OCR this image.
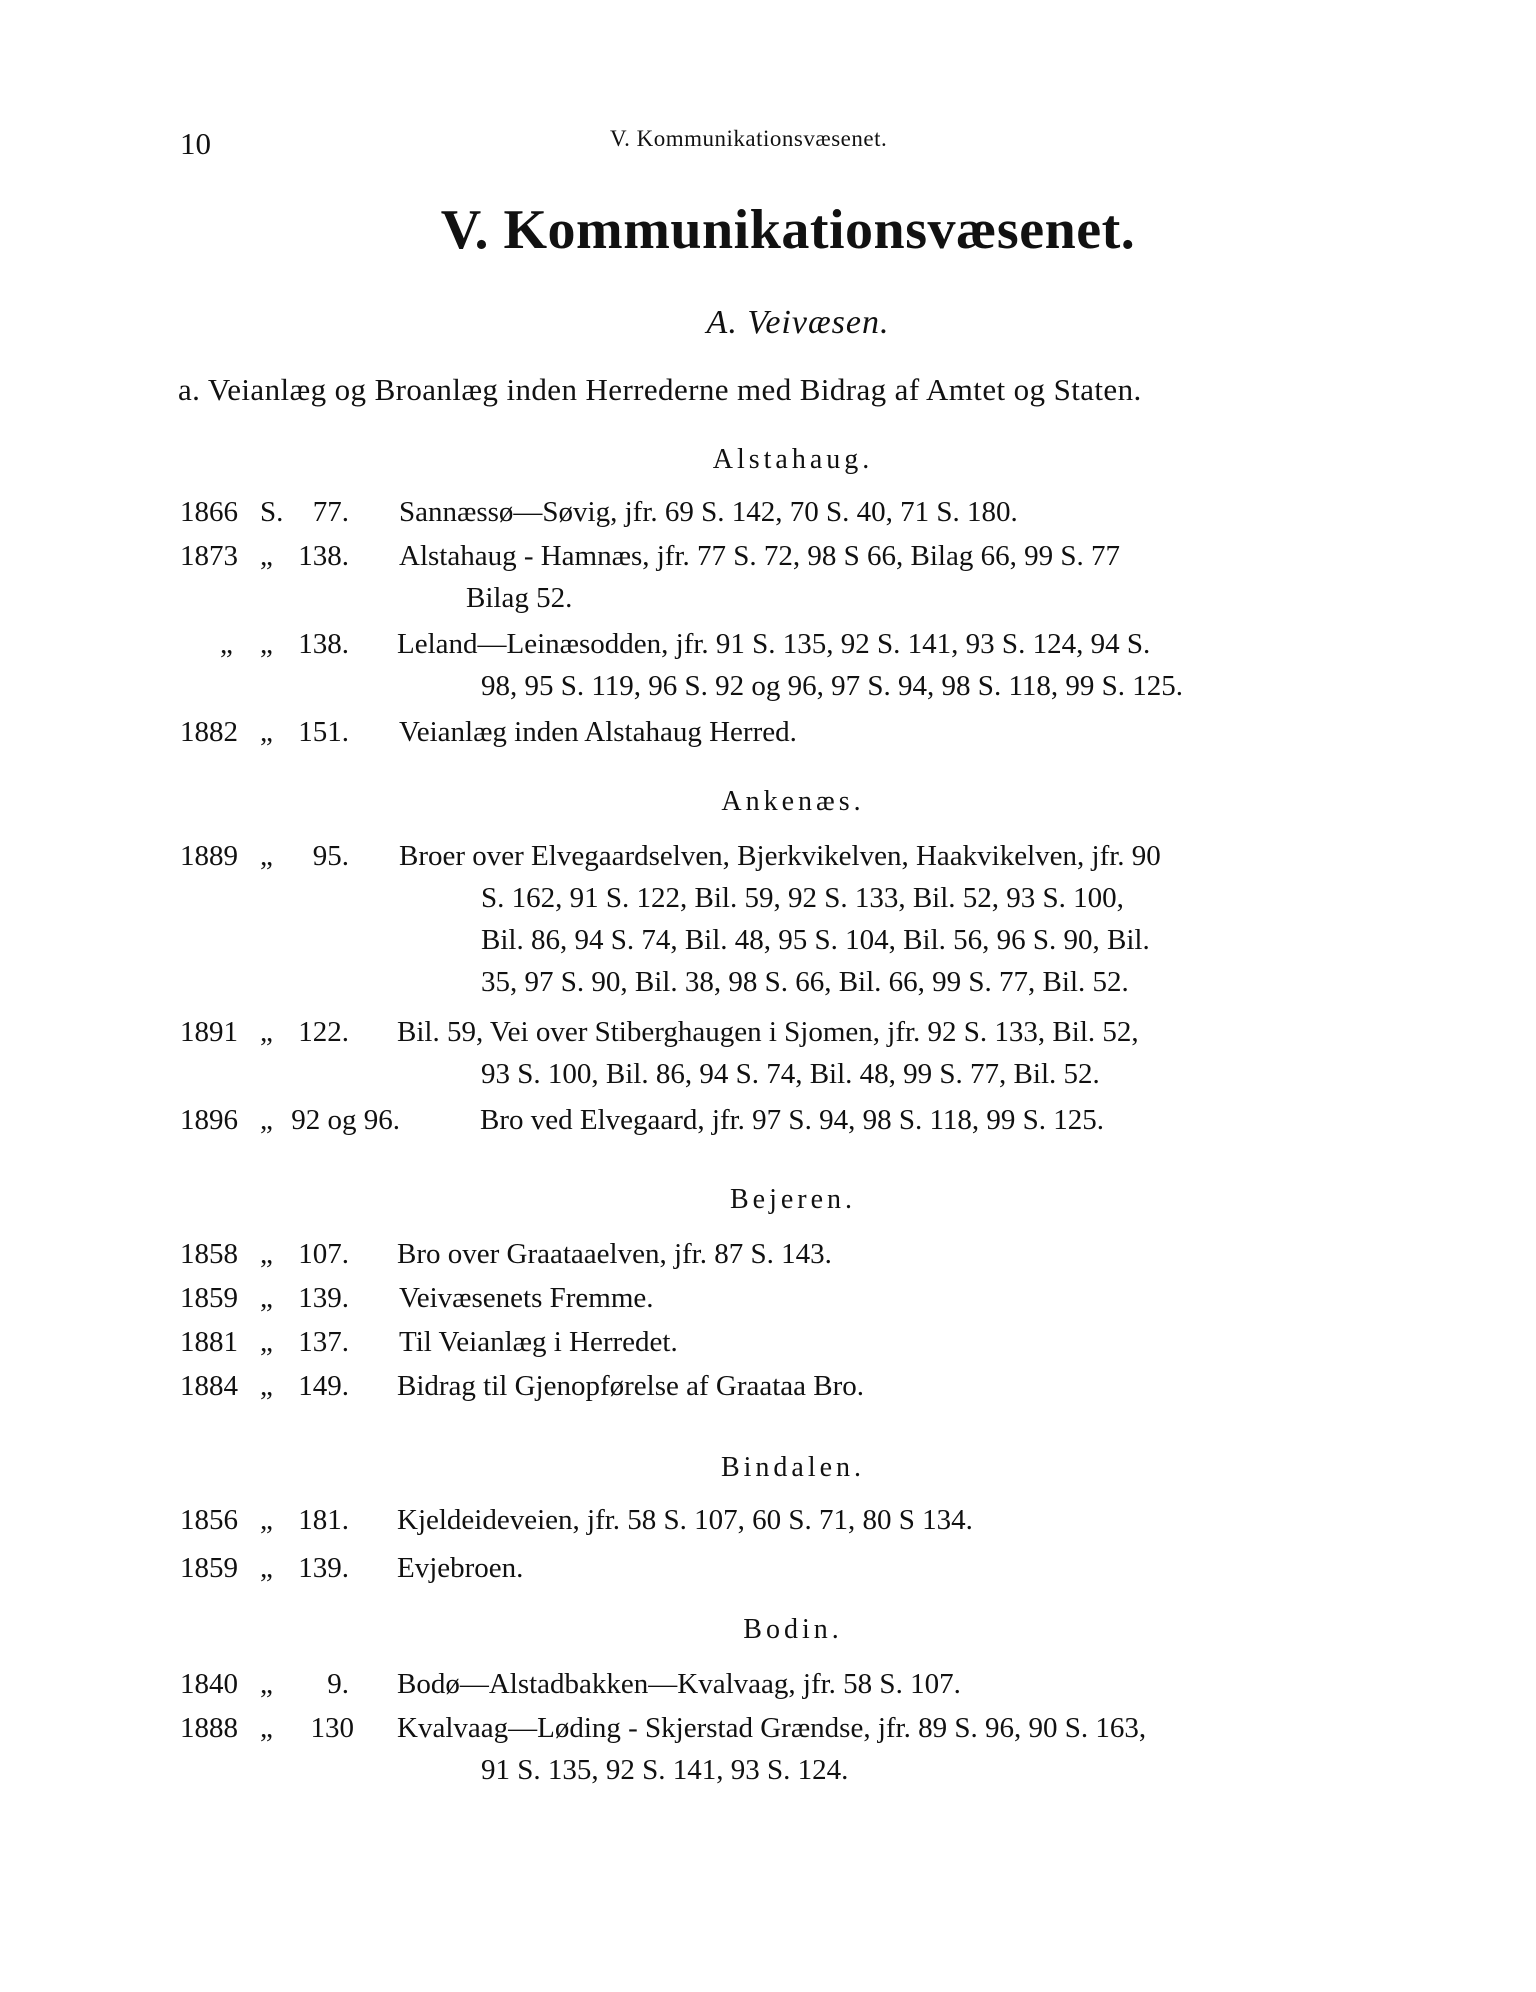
10	V. Kommunikationsvæsenet.
V. Kommunikationsvæsenet.
A. Veivæsen.
a. Veianlæg og Broanlæg inden Herrederne med Bidrag af Amtet og Staten.
Alstahaug.
1866 S. 77. Sannæssø—Søvig, jfr. 69 S. 142, 70 S. 40, 71 S. 180.
1873 „ 138. Alstahaug - Hamnæs, jfr. 77 S. 72, 98 S 66, Bilag 66, 99 S. 77
Bilag 52.
„ „ 138. Leland—Leinæsodden, jfr. 91 S. 135, 92 S. 141, 93 S. 124, 94 S.
98, 95 S. 119, 96 S. 92 og 96, 97 S. 94, 98 S. 118, 99 S. 125.
1882 „ 151. Veianlæg inden Alstahaug Herred.
Ankenæs.
1889 „ 95. Broer over Elvegaardselven, Bjerkvikelven, Haakvikelven, jfr. 90
S. 162, 91 S. 122, Bil. 59, 92 S. 133, Bil. 52, 93 S. 100,
Bil. 86, 94 S. 74, Bil. 48, 95 S. 104, Bil. 56, 96 S. 90, Bil.
35, 97 S. 90, Bil. 38, 98 S. 66, Bil. 66, 99 S. 77, Bil. 52.
1891 „ 122. Bil. 59, Vei over Stiberghaugen i Sjomen, jfr. 92 S. 133, Bil. 52,
93 S. 100, Bil. 86, 94 S. 74, Bil. 48, 99 S. 77, Bil. 52.
1896 „ 92 og 96.	Bro ved Elvegaard, jfr. 97 S. 94, 98 S. 118, 99 S. 125.
Bejeren.
1858 „ 107. Bro over Graataaelven, jfr. 87 S. 143.
1859 „ 139. Veivæsenets Fremme.
1881 „ 137. Til Veianlæg i Herredet.
1884 „ 149. Bidrag til Gjenopførelse af Graataa Bro.
Bindalen.
1856 „ 181. Kjeldeideveien, jfr. 58 S. 107, 60 S. 71, 80 S 134.
1859 „ 139. Evjebroen.
Bodin.
1840 „ 9. Bodø—Alstadbakken—Kvalvaag, jfr. 58 S. 107.
1888 „ 130 Kvalvaag—Løding - Skjerstad Grændse, jfr. 89 S. 96, 90 S. 163,
91 S. 135, 92 S. 141, 93 S. 124.
